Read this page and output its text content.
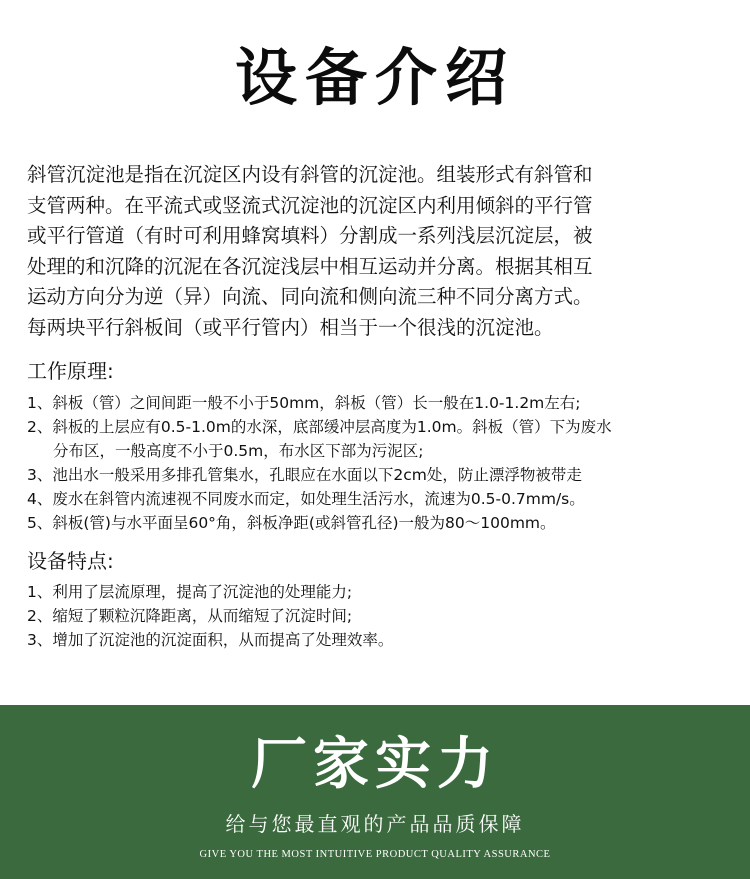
设备介绍
斜管沉淀池是指在沉淀区内设有斜管的沉淀池。组装形式有斜管和
支管两种。在平流式或竖流式沉淀池的沉淀区内利用倾斜的平行管
或平行管道（有时可利用蜂窝填料）分割成一系列浅层沉淀层，被
处理的和沉降的沉泥在各沉淀浅层中相互运动并分离。根据其相互
运动方向分为逆（异）向流、同向流和侧向流三种不同分离方式。
每两块平行斜板间（或平行管内）相当于一个很浅的沉淀池。
工作原理:
1、斜板（管）之间间距一般不小于50mm，斜板（管）长一般在1.0-1.2m左右;
2、斜板的上层应有0.5-1.0m的水深，底部缓冲层高度为1.0m。斜板（管）下为废水
分布区，一般高度不小于0.5m，布水区下部为污泥区;
3、池出水一般采用多排孔管集水，孔眼应在水面以下2cm处，防止漂浮物被带走
4、废水在斜管内流速视不同废水而定，如处理生活污水，流速为0.5-0.7mm/s。
5、斜板(管)与水平面呈60°角，斜板净距(或斜管孔径)一般为80～100mm。
设备特点:
1、利用了层流原理，提高了沉淀池的处理能力;
2、缩短了颗粒沉降距离，从而缩短了沉淀时间;
3、增加了沉淀池的沉淀面积，从而提高了处理效率。
厂家实力
给与您最直观的产品品质保障
GIVE YOU THE MOST INTUITIVE PRODUCT QUALITY ASSURANCE
